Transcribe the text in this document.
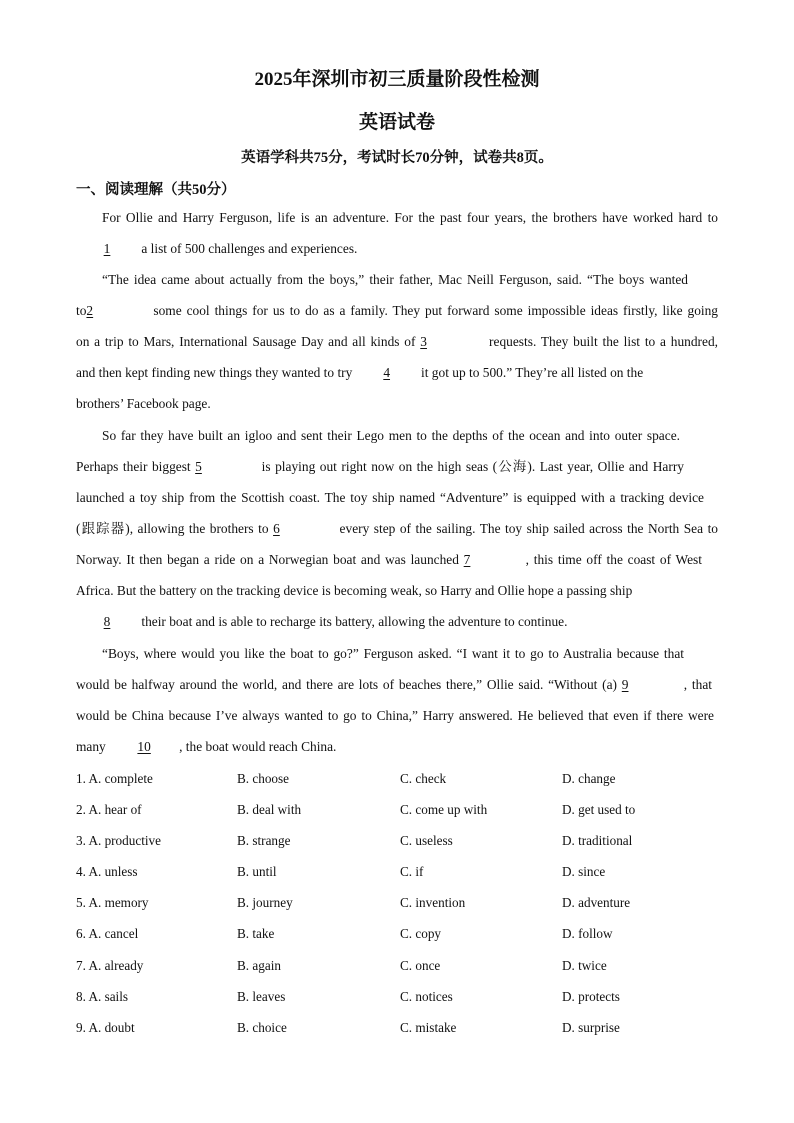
2025年深圳市初三质量阶段性检测
英语试卷
英语学科共75分，考试时长70分钟，试卷共8页。
一、阅读理解（共50分）
For Ollie and Harry Ferguson, life is an adventure. For the past four years, the brothers have worked hard to
1 a list of 500 challenges and experiences.
“The idea came about actually from the boys,” their father, Mac Neill Ferguson, said. “The boys wanted
to2	some cool things for us to do as a family. They put forward some impossible ideas firstly, like going
on a trip to Mars, International Sausage Day and all kinds of 3	requests. They built the list to a hundred,
and then kept finding new things they wanted to try 4 it got up to 500.” They’re all listed on the
brothers’ Facebook page.
So far they have built an igloo and sent their Lego men to the depths of the ocean and into outer space.
Perhaps their biggest 5	is playing out right now on the high seas (公海). Last year, Ollie and Harry
launched a toy ship from the Scottish coast. The toy ship named “Adventure” is equipped with a tracking device
(跟踪器), allowing the brothers to 6	every step of the sailing. The toy ship sailed across the North Sea to
Norway. It then began a ride on a Norwegian boat and was launched 7	, this time off the coast of West
Africa. But the battery on the tracking device is becoming weak, so Harry and Ollie hope a passing ship
8 their boat and is able to recharge its battery, allowing the adventure to continue.
“Boys, where would you like the boat to go?” Ferguson asked. “I want it to go to Australia because that
would be halfway around the world, and there are lots of beaches there,” Ollie said. “Without (a) 9	, that
would be China because I’ve always wanted to go to China,” Harry answered. He believed that even if there were
many 10 , the boat would reach China.
1. A. complete	B. choose	C. check	D. change
2. A. hear of	B. deal with	C. come up with	D. get used to
3. A. productive	B. strange	C. useless	D. traditional
4. A. unless	B. until	C. if	D. since
5. A. memory	B. journey	C. invention	D. adventure
6. A. cancel	B. take	C. copy	D. follow
7. A. already	B. again	C. once	D. twice
8. A. sails	B. leaves	C. notices	D. protects
9. A. doubt	B. choice	C. mistake	D. surprise
